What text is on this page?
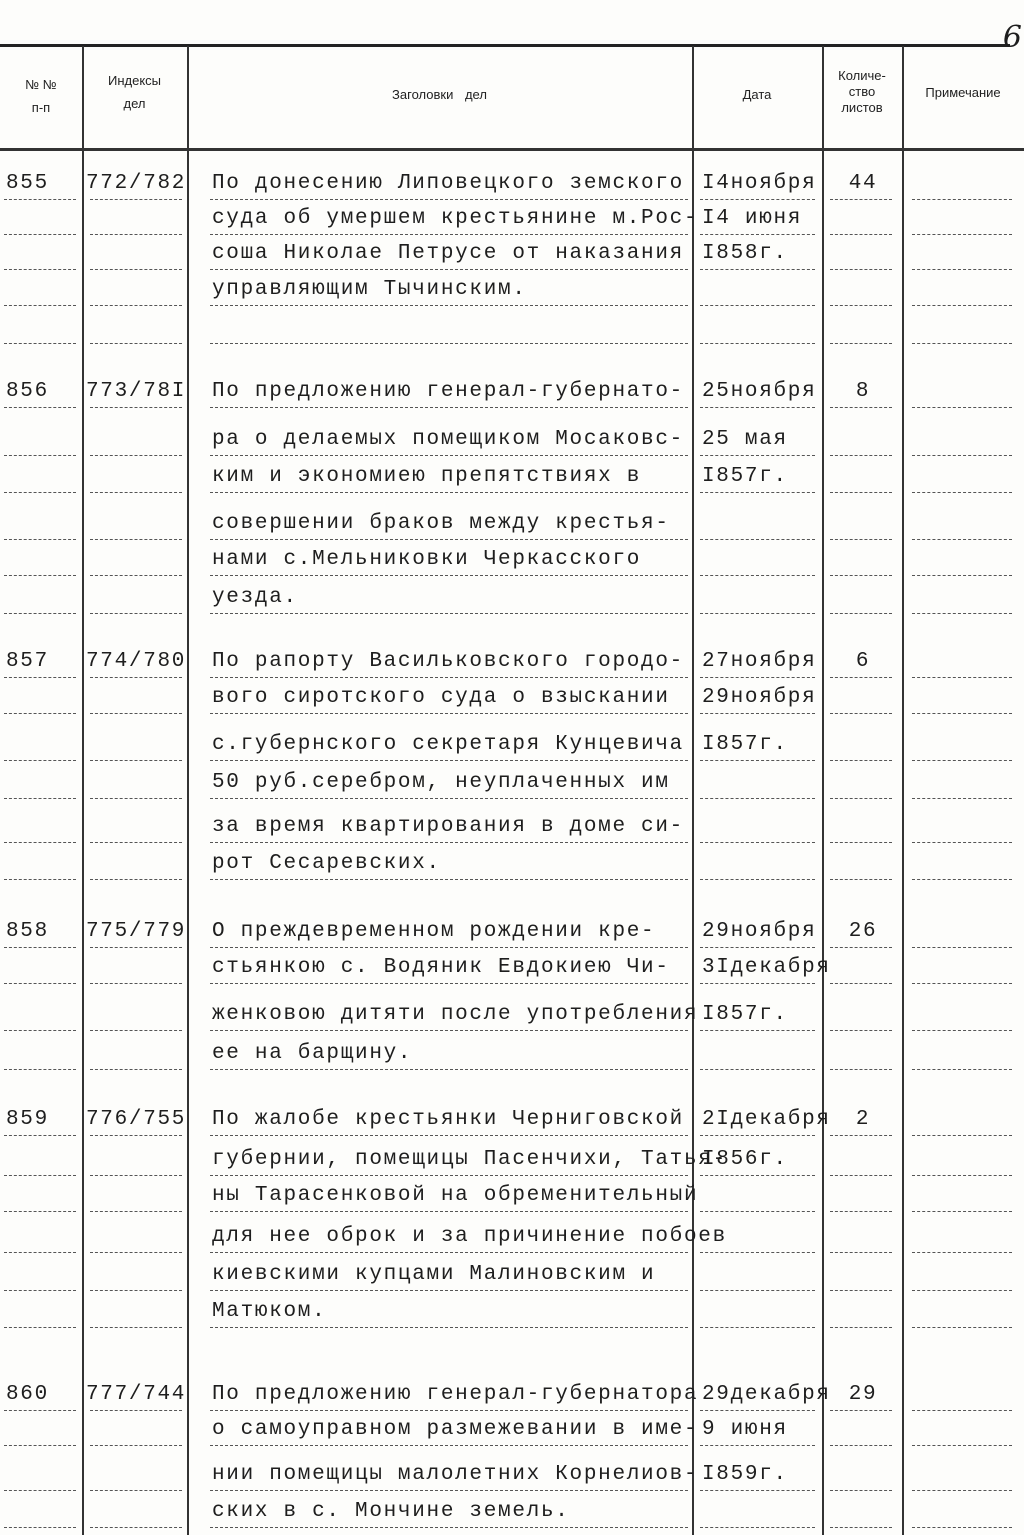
6
№ №
п-п
Индексы
дел
Заголовки дел	Дата
Количе-
ство
листов
Примечание
855 772/782 По донесению Липовецкого земского
суда об умершем крестьянине м.Рос-
соша Николае Петрусе от наказания
управляющим Тычинским.
I4ноября
I4 июня
I858г.
44
856 773/78I По предложению генерал-губернато-
ра о делаемых помещиком Мосаковс-
ким и экономиею препятствиях в
совершении браков между крестья-
нами с.Мельниковки Черкасского
уезда.
25ноября
25 мая
I857г.
8
857 774/780 По рапорту Васильковского городо-
вого сиротского суда о взыскании
с.губернского секретаря Кунцевича
50 руб.серебром, неуплаченных им
за время квартирования в доме си-
рот Сесаревских.
27ноября
29ноября
I857г.
6
858 775/779 О преждевременном рождении кре-
стьянкою с. Водяник Евдокиею Чи-
женковою дитяти после употребления
ее на барщину.
29ноября
3Iдекабря
I857г.
26
859 776/755 По жалобе крестьянки Черниговской
губернии, помещицы Пасенчихи, Татья-
ны Тарасенковой на обременительный
для нее оброк и за причинение побоев
киевскими купцами Малиновским и
Матюком.
2Iдекабря
I856г.
2
860 777/744 По предложению генерал-губернатора
о самоуправном размежевании в име-
нии помещицы малолетних Корнелиов-
ских в с. Мончине земель.
29декабря
9 июня
I859г.
29
